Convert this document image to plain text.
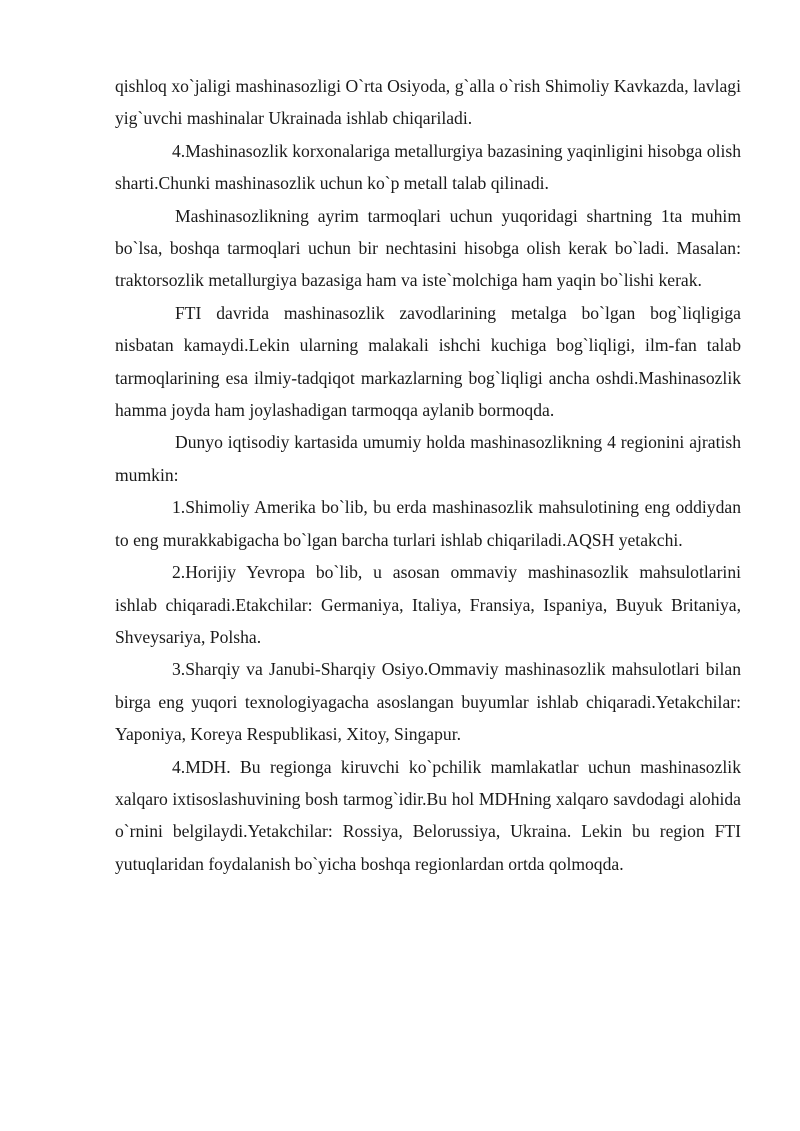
qishloq xo`jaligi mashinasozligi O`rta Osiyoda, g`alla o`rish Shimoliy Kavkazda, lavlagi yig`uvchi mashinalar Ukrainada ishlab chiqariladi.

4.Mashinasozlik korxonalariga metallurgiya bazasining yaqinligini hisobga olish sharti.Chunki mashinasozlik uchun ko`p metall talab qilinadi.

Mashinasozlikning ayrim tarmoqlari uchun yuqoridagi shartning 1ta muhim bo`lsa, boshqa tarmoqlari uchun bir nechtasini hisobga olish kerak bo`ladi. Masalan: traktorsozlik metallurgiya bazasiga ham va iste`molchiga ham yaqin bo`lishi kerak.

FTI davrida mashinasozlik zavodlarining metalga bo`lgan bog`liqligiga nisbatan kamaydi.Lekin ularning malakali ishchi kuchiga bog`liqligi, ilm-fan talab tarmoqlarining esa ilmiy-tadqiqot markazlarning bog`liqligi ancha oshdi.Mashinasozlik hamma joyda ham joylashadigan tarmoqqa aylanib bormoqda.

Dunyo iqtisodiy kartasida umumiy holda mashinasozlikning 4 regionini ajratish mumkin:

1.Shimoliy Amerika bo`lib, bu erda mashinasozlik mahsulotining eng oddiydan to eng murakkabigacha bo`lgan barcha turlari ishlab chiqariladi.AQSH yetakchi.

2.Horijiy Yevropa bo`lib, u asosan ommaviy mashinasozlik mahsulotlarini ishlab chiqaradi.Etakchilar: Germaniya, Italiya, Fransiya, Ispaniya, Buyuk Britaniya, Shveysariya, Polsha.

3.Sharqiy va Janubi-Sharqiy Osiyo.Ommaviy mashinasozlik mahsulotlari bilan birga eng yuqori texnologiyagacha asoslangan buyumlar ishlab chiqaradi.Yetakchilar: Yaponiya, Koreya Respublikasi, Xitoy, Singapur.

4.MDH. Bu regionga kiruvchi ko`pchilik mamlakatlar uchun mashinasozlik xalqaro ixtisoslashuvining bosh tarmog`idir.Bu hol MDHning xalqaro savdodagi alohida o`rnini belgilaydi.Yetakchilar: Rossiya, Belorussiya, Ukraina. Lekin bu region FTI yutuqlaridan foydalanish bo`yicha boshqa regionlardan ortda qolmoqda.
